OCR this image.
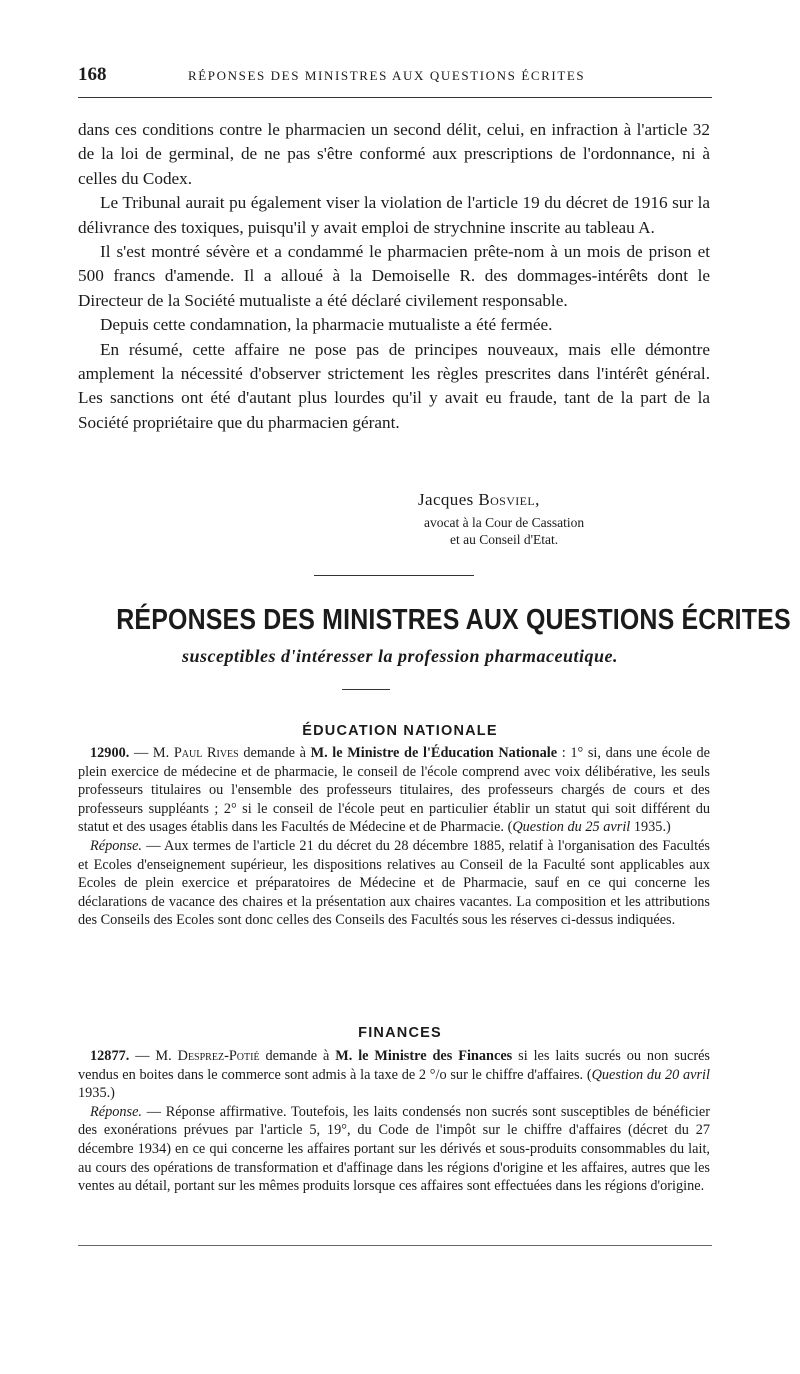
168	RÉPONSES DES MINISTRES AUX QUESTIONS ÉCRITES

dans ces conditions contre le pharmacien un second délit, celui, en infraction à l'article 32 de la loi de germinal, de ne pas s'être conformé aux prescriptions de l'ordonnance, ni à celles du Codex.

Le Tribunal aurait pu également viser la violation de l'article 19 du décret de 1916 sur la délivrance des toxiques, puisqu'il y avait emploi de strychnine inscrite au tableau A.

Il s'est montré sévère et a condammé le pharmacien prête-nom à un mois de prison et 500 francs d'amende. Il a alloué à la Demoiselle R. des dommages-intérêts dont le Directeur de la Société mutualiste a été déclaré civilement responsable.

Depuis cette condamnation, la pharmacie mutualiste a été fermée.

En résumé, cette affaire ne pose pas de principes nouveaux, mais elle démontre amplement la nécessité d'observer strictement les règles prescrites dans l'intérêt général. Les sanctions ont été d'autant plus lourdes qu'il y avait eu fraude, tant de la part de la Société propriétaire que du pharmacien gérant.

Jacques Bosviel,
avocat à la Cour de Cassation
et au Conseil d'Etat.
RÉPONSES DES MINISTRES AUX QUESTIONS ÉCRITES
susceptibles d'intéresser la profession pharmaceutique.
ÉDUCATION NATIONALE

12900. — M. Paul Rives demande à M. le Ministre de l'Éducation Nationale : 1° si, dans une école de plein exercice de médecine et de pharmacie, le conseil de l'école comprend avec voix délibérative, les seuls professeurs titulaires ou l'ensemble des professeurs titulaires, des professeurs chargés de cours et des professeurs suppléants ; 2° si le conseil de l'école peut en particulier établir un statut qui soit différent du statut et des usages établis dans les Facultés de Médecine et de Pharmacie. (Question du 25 avril 1935.)

Réponse. — Aux termes de l'article 21 du décret du 28 décembre 1885, relatif à l'organisation des Facultés et Ecoles d'enseignement supérieur, les dispositions relatives au Conseil de la Faculté sont applicables aux Ecoles de plein exercice et préparatoires de Médecine et de Pharmacie, sauf en ce qui concerne les déclarations de vacance des chaires et la présentation aux chaires vacantes. La composition et les attributions des Conseils des Ecoles sont donc celles des Conseils des Facultés sous les réserves ci-dessus indiquées.

FINANCES

12877. — M. Desprez-Potié demande à M. le Ministre des Finances si les laits sucrés ou non sucrés vendus en boites dans le commerce sont admis à la taxe de 2 °/o sur le chiffre d'affaires. (Question du 20 avril 1935.)

Réponse. — Réponse affirmative. Toutefois, les laits condensés non sucrés sont susceptibles de bénéficier des exonérations prévues par l'article 5, 19°, du Code de l'impôt sur le chiffre d'affaires (décret du 27 décembre 1934) en ce qui concerne les affaires portant sur les dérivés et sous-produits consommables du lait, au cours des opérations de transformation et d'affinage dans les régions d'origine et les affaires, autres que les ventes au détail, portant sur les mêmes produits lorsque ces affaires sont effectuées dans les régions d'origine.
